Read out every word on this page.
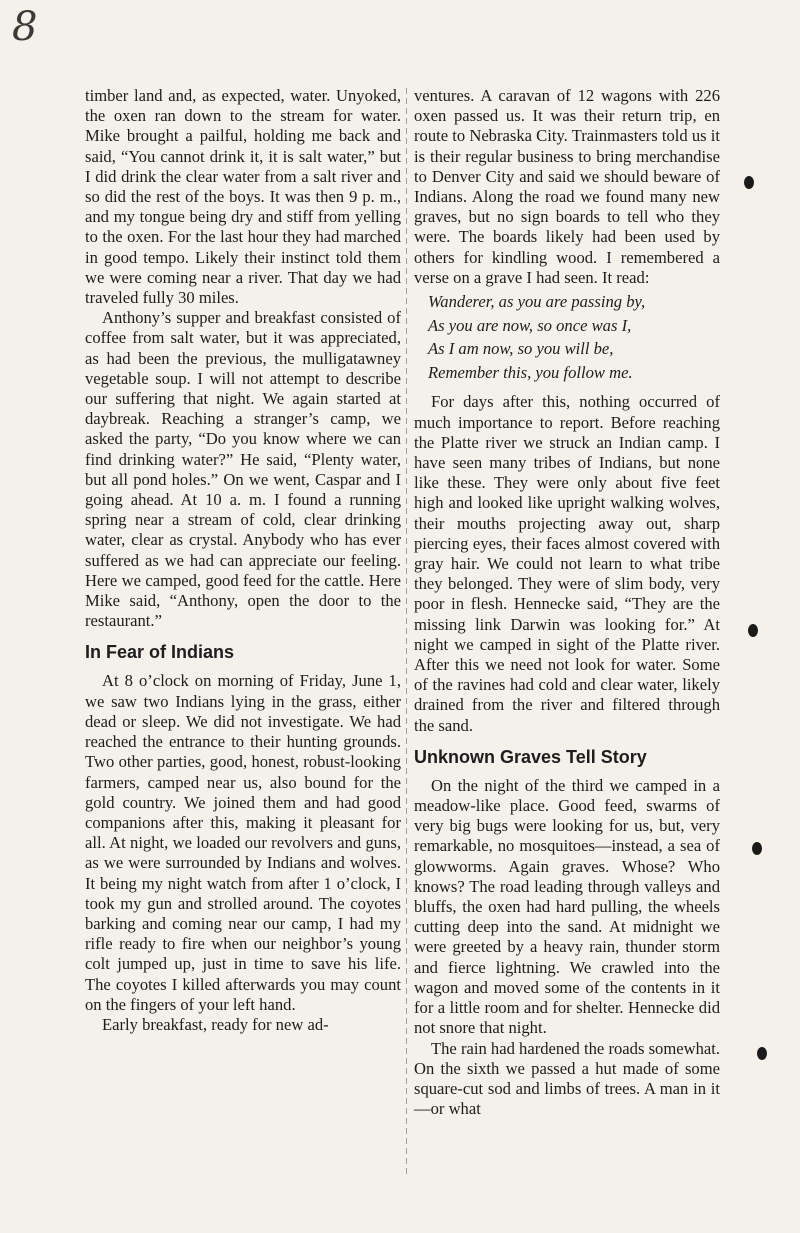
8

timber land and, as expected, water. Unyoked, the oxen ran down to the stream for water. Mike brought a pailful, holding me back and said, “You cannot drink it, it is salt water,” but I did drink the clear water from a salt river and so did the rest of the boys. It was then 9 p. m., and my tongue being dry and stiff from yelling to the oxen. For the last hour they had marched in good tempo. Likely their instinct told them we were coming near a river. That day we had traveled fully 30 miles.

Anthony’s supper and breakfast consisted of coffee from salt water, but it was appreciated, as had been the previous, the mulligatawney vegetable soup. I will not attempt to describe our suffering that night. We again started at daybreak. Reaching a stranger’s camp, we asked the party, “Do you know where we can find drinking water?” He said, “Plenty water, but all pond holes.” On we went, Caspar and I going ahead. At 10 a. m. I found a running spring near a stream of cold, clear drinking water, clear as crystal. Anybody who has ever suffered as we had can appreciate our feeling. Here we camped, good feed for the cattle. Here Mike said, “Anthony, open the door to the restaurant.”

In Fear of Indians

At 8 o’clock on morning of Friday, June 1, we saw two Indians lying in the grass, either dead or sleep. We did not investigate. We had reached the entrance to their hunting grounds. Two other parties, good, honest, robust-looking farmers, camped near us, also bound for the gold country. We joined them and had good companions after this, making it pleasant for all. At night, we loaded our revolvers and guns, as we were surrounded by Indians and wolves. It being my night watch from after 1 o’clock, I took my gun and strolled around. The coyotes barking and coming near our camp, I had my rifle ready to fire when our neighbor’s young colt jumped up, just in time to save his life. The coyotes I killed afterwards you may count on the fingers of your left hand.

Early breakfast, ready for new ad-

ventures. A caravan of 12 wagons with 226 oxen passed us. It was their return trip, en route to Nebraska City. Trainmasters told us it is their regular business to bring merchandise to Denver City and said we should beware of Indians. Along the road we found many new graves, but no sign boards to tell who they were. The boards likely had been used by others for kindling wood. I remembered a verse on a grave I had seen. It read:

Wanderer, as you are passing by,
As you are now, so once was I,
As I am now, so you will be,
Remember this, you follow me.

For days after this, nothing occurred of much importance to report. Before reaching the Platte river we struck an Indian camp. I have seen many tribes of Indians, but none like these. They were only about five feet high and looked like upright walking wolves, their mouths projecting away out, sharp piercing eyes, their faces almost covered with gray hair. We could not learn to what tribe they belonged. They were of slim body, very poor in flesh. Hennecke said, “They are the missing link Darwin was looking for.” At night we camped in sight of the Platte river. After this we need not look for water. Some of the ravines had cold and clear water, likely drained from the river and filtered through the sand.

Unknown Graves Tell Story

On the night of the third we camped in a meadow-like place. Good feed, swarms of very big bugs were looking for us, but, very remarkable, no mosquitoes—instead, a sea of glowworms. Again graves. Whose? Who knows? The road leading through valleys and bluffs, the oxen had hard pulling, the wheels cutting deep into the sand. At midnight we were greeted by a heavy rain, thunder storm and fierce lightning. We crawled into the wagon and moved some of the contents in it for a little room and for shelter. Hennecke did not snore that night.

The rain had hardened the roads somewhat. On the sixth we passed a hut made of some square-cut sod and limbs of trees. A man in it—or what
